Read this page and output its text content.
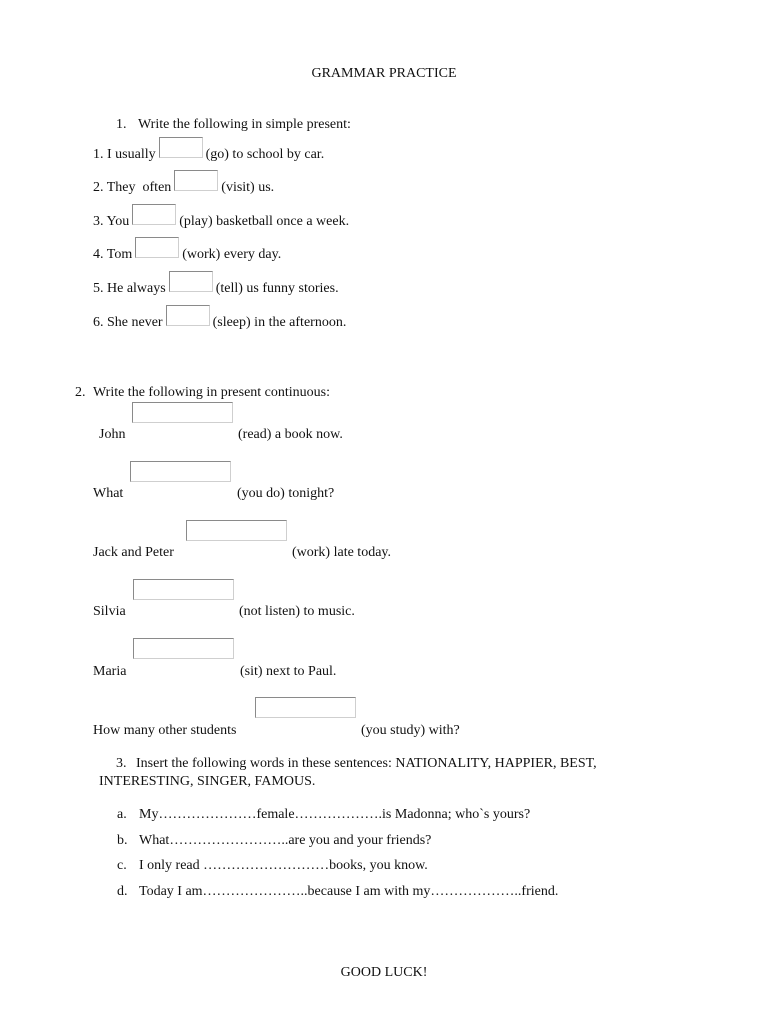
GRAMMAR PRACTICE
1. Write the following in simple present:
1. I usually	(go) to school by car.
2. They  often	(visit) us.
3. You	(play) basketball once a week.
4. Tom	(work) every day.
5. He always	(tell) us funny stories.
6. She never	(sleep) in the afternoon.
2. Write the following in present continuous:
John	(read) a book now.
What	(you do) tonight?
Jack and Peter	(work) late today.
Silvia	(not listen) to music.
Maria	(sit) next to Paul.
How many other students	(you study) with?
3. Insert the following words in these sentences: NATIONALITY, HAPPIER, BEST,
INTERESTING, SINGER, FAMOUS.
a. My…………………female……………….is Madonna; who`s yours?
b. What……………………..are you and your friends?
c. I only read ………………………books, you know.
d. Today I am…………………..because I am with my………………..friend.
GOOD LUCK!
